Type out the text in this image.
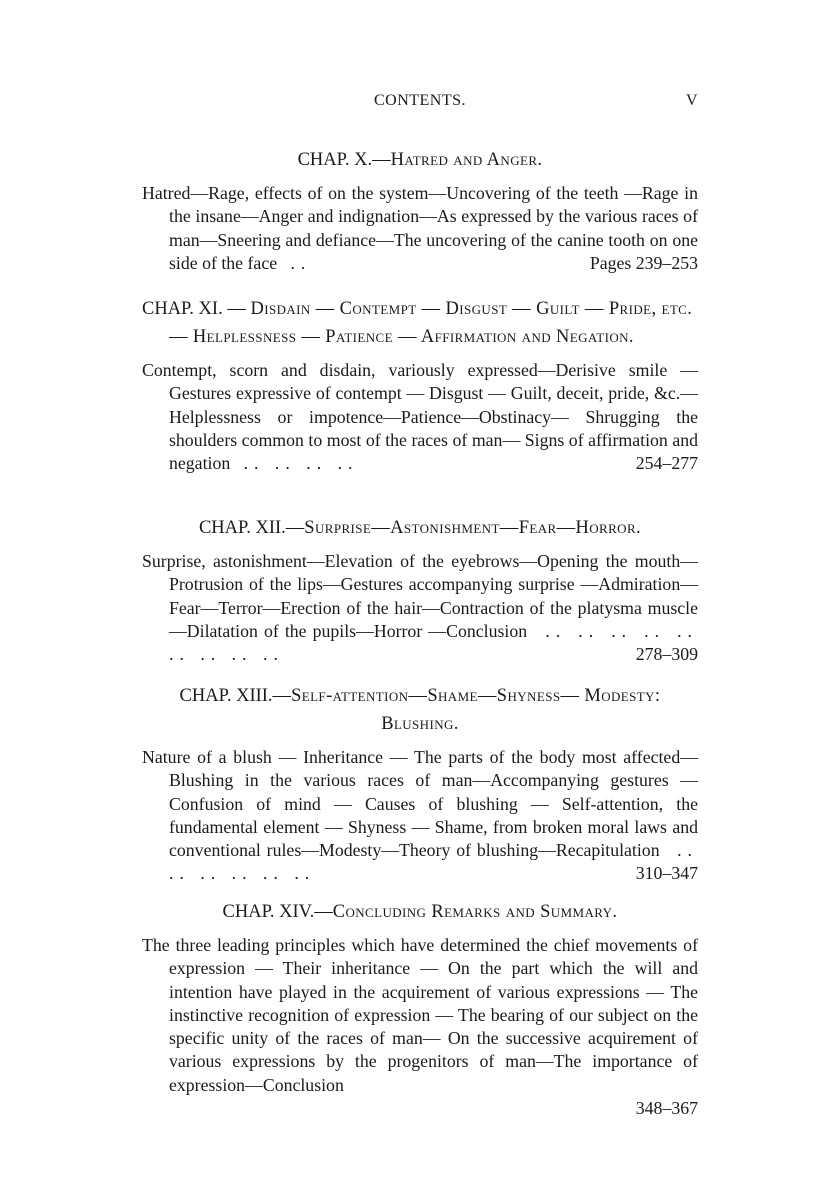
CONTENTS.	V
CHAP. X.—Hatred and Anger.
Hatred—Rage, effects of on the system—Uncovering of the teeth —Rage in the insane—Anger and indignation—As expressed by the various races of man—Sneering and defiance—The uncovering of the canine tooth on one side of the face ..	Pages 239–253
CHAP. XI. — Disdain — Contempt — Disgust — Guilt — Pride, etc. — Helplessness — Patience — Affirmation and Negation.
Contempt, scorn and disdain, variously expressed—Derisive smile — Gestures expressive of contempt — Disgust — Guilt, deceit, pride, &c.—Helplessness or impotence—Patience—Obstinacy— Shrugging the shoulders common to most of the races of man— Signs of affirmation and negation .. .. .. ..	254–277
CHAP. XII.—Surprise—Astonishment—Fear—Horror.
Surprise, astonishment—Elevation of the eyebrows—Opening the mouth—Protrusion of the lips—Gestures accompanying surprise —Admiration—Fear—Terror—Erection of the hair—Contraction of the platysma muscle—Dilatation of the pupils—Horror —Conclusion .. .. .. .. .. .. .. .. ..	278–309
CHAP. XIII.—Self-attention—Shame—Shyness— Modesty: Blushing.
Nature of a blush — Inheritance — The parts of the body most affected—Blushing in the various races of man—Accompanying gestures — Confusion of mind — Causes of blushing — Self-attention, the fundamental element — Shyness — Shame, from broken moral laws and conventional rules—Modesty—Theory of blushing—Recapitulation .. .. .. .. .. ..	310–347
CHAP. XIV.—Concluding Remarks and Summary.
The three leading principles which have determined the chief movements of expression — Their inheritance — On the part which the will and intention have played in the acquirement of various expressions — The instinctive recognition of expression — The bearing of our subject on the specific unity of the races of man— On the successive acquirement of various expressions by the progenitors of man—The importance of expression—Conclusion
348–367
